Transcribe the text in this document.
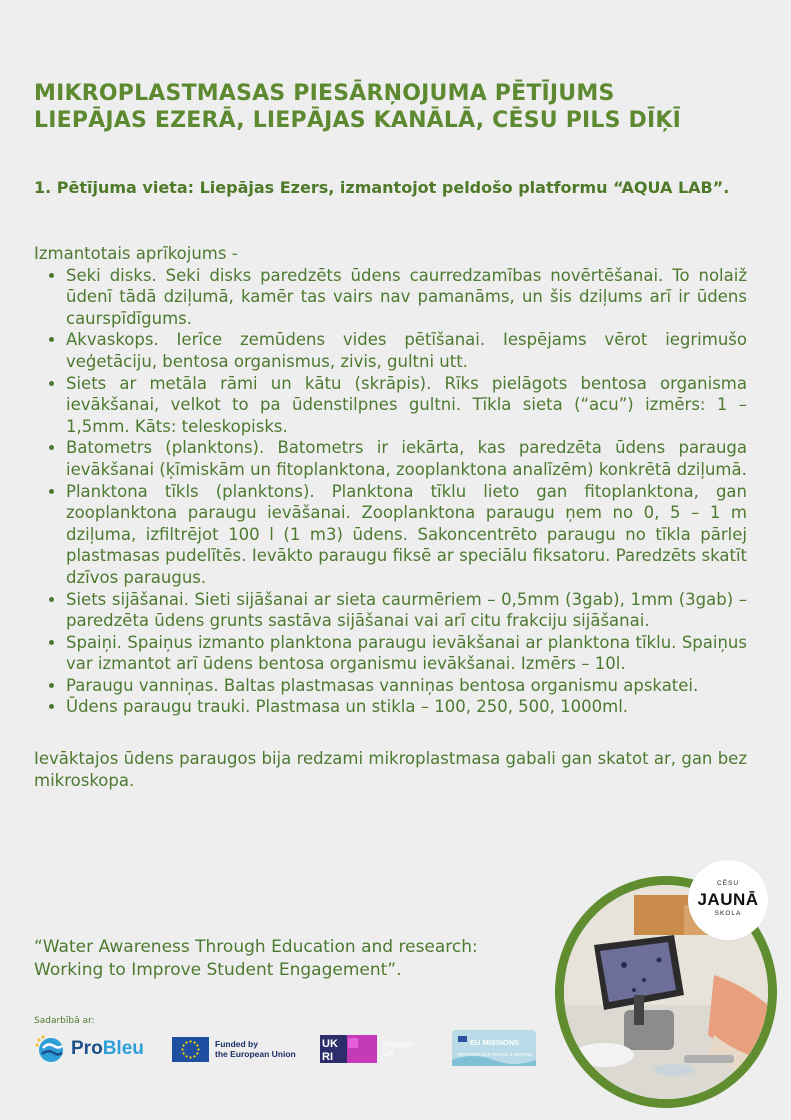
MIKROPLASTMASAS PIESĀRŅOJUMA PĒTĪJUMS
LIEPĀJAS EZERĀ, LIEPĀJAS KANĀLĀ, CĒSU PILS DĪĶĪ

1. Pētījuma vieta: Liepājas Ezers, izmantojot peldošo platformu “AQUA LAB”.

Izmantotais aprīkojums -

• Seki disks. Seki disks paredzēts ūdens caurredzamības novērtēšanai. To nolaiž ūdenī tādā dziļumā, kamēr tas vairs nav pamanāms, un šis dziļums arī ir ūdens caurspīdīgums.
• Akvaskops. Ierīce zemūdens vides pētīšanai. Iespējams vērot iegrimušo veģetāciju, bentosa organismus, zivis, gultni utt.
• Siets ar metāla rāmi un kātu (skrāpis). Rīks pielāgots bentosa organisma ievākšanai, velkot to pa ūdenstilpnes gultni. Tīkla sieta (“acu”) izmērs: 1 – 1,5mm. Kāts: teleskopisks.
• Batometrs (planktons). Batometrs ir iekārta, kas paredzēta ūdens parauga ievākšanai (ķīmiskām un fitoplanktona, zooplanktona analīzēm) konkrētā dziļumā.
• Planktona tīkls (planktons). Planktona tīklu lieto gan fitoplanktona, gan zooplanktona paraugu ievāšanai. Zooplanktona paraugu ņem no 0, 5 – 1 m dziļuma, izfiltrējot 100 l (1 m3) ūdens. Sakoncentrēto paraugu no tīkla pārlej plastmasas pudelītēs. Ievākto paraugu fiksē ar speciālu fiksatoru. Paredzēts skatīt dzīvos paraugus.
• Siets sijāšanai. Sieti sijāšanai ar sieta caurmēriem – 0,5mm (3gab), 1mm (3gab) – paredzēta ūdens grunts sastāva sijāšanai vai arī citu frakciju sijāšanai.
• Spaiņi. Spaiņus izmanto planktona paraugu ievākšanai ar planktona tīklu. Spaiņus var izmantot arī ūdens bentosa organismu ievākšanai. Izmērs – 10l.
• Paraugu vanniņas. Baltas plastmasas vanniņas bentosa organismu apskatei.
• Ūdens paraugu trauki. Plastmasa un stikla – 100, 250, 500, 1000ml.

Ievāktajos ūdens paraugos bija redzami mikroplastmasa gabali gan skatot ar, gan bez mikroskopa.

“Water Awareness Through Education and research:
Working to Improve Student Engagement”.
Sadarbībā ar:
ProBleu	Funded by
the European Union
UK
RI
Innovate
UK
EU MISSIONS
RESTORE OUR OCEAN & WATERS
CĒSU
JAUNĀ
SKOLA
